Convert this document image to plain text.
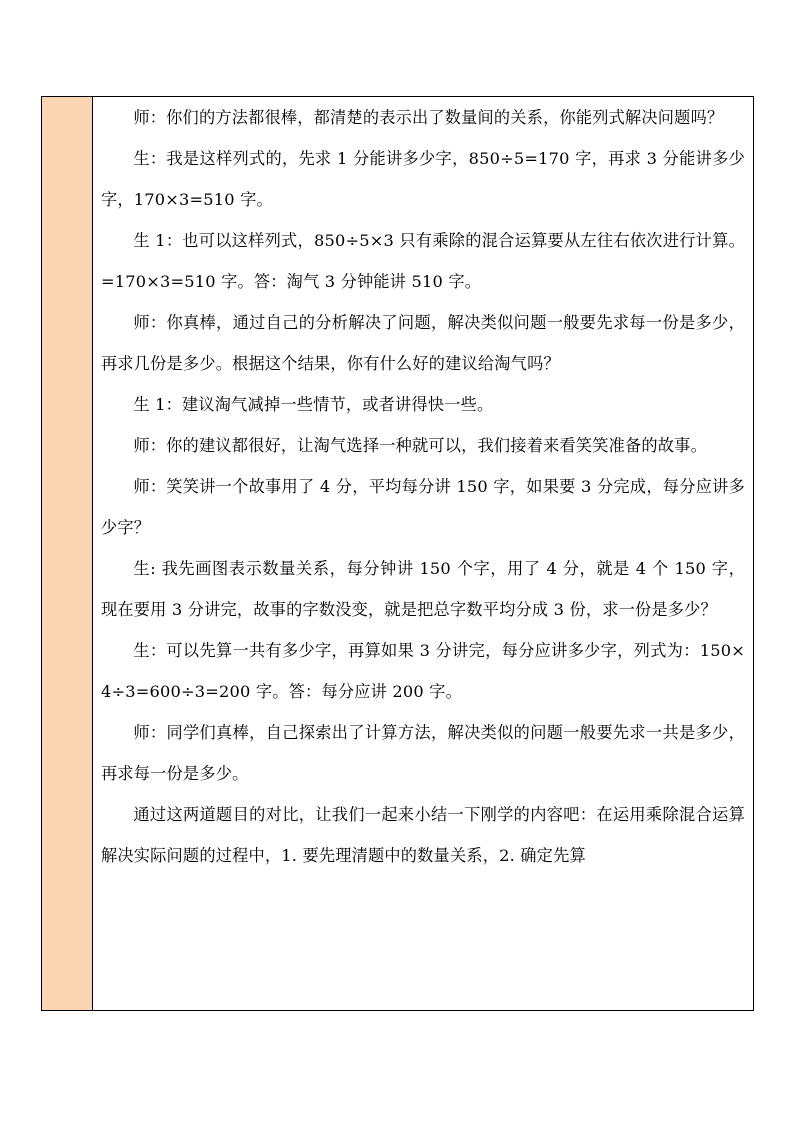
师：你们的方法都很棒，都清楚的表示出了数量间的关系，你能列式解决问题吗？

生：我是这样列式的，先求 1 分能讲多少字，850÷5=170 字，再求 3 分能讲多少字，170×3=510 字。

生 1：也可以这样列式，850÷5×3 只有乘除的混合运算要从左往右依次进行计算。=170×3=510 字。答：淘气 3 分钟能讲 510 字。

师：你真棒，通过自己的分析解决了问题，解决类似问题一般要先求每一份是多少，再求几份是多少。根据这个结果，你有什么好的建议给淘气吗？

生 1：建议淘气减掉一些情节，或者讲得快一些。

师：你的建议都很好，让淘气选择一种就可以，我们接着来看笑笑准备的故事。

师：笑笑讲一个故事用了 4 分，平均每分讲 150 字，如果要 3 分完成，每分应讲多少字？

生: 我先画图表示数量关系，每分钟讲 150 个字，用了 4 分，就是 4 个 150 字，现在要用 3 分讲完，故事的字数没变，就是把总字数平均分成 3 份，求一份是多少？

生：可以先算一共有多少字，再算如果 3 分讲完，每分应讲多少字，列式为：150×4÷3=600÷3=200 字。答：每分应讲 200 字。

师：同学们真棒，自己探索出了计算方法，解决类似的问题一般要先求一共是多少，再求每一份是多少。

通过这两道题目的对比，让我们一起来小结一下刚学的内容吧：在运用乘除混合运算解决实际问题的过程中，1. 要先理清题中的数量关系，2. 确定先算
